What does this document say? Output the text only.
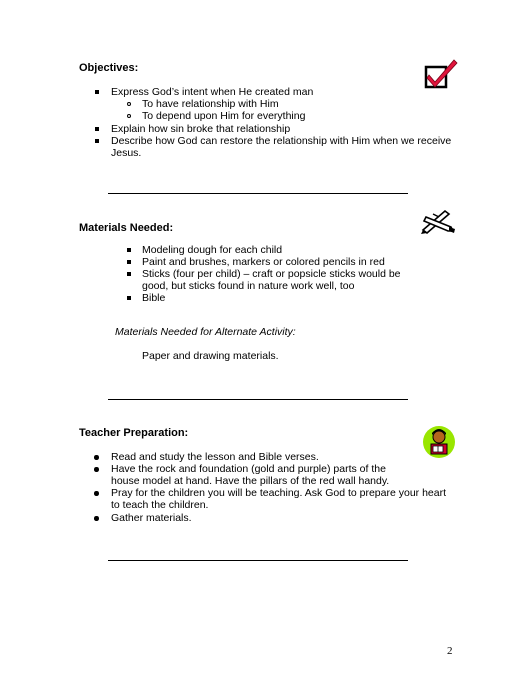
Objectives:
Express God’s intent when He created man
To have relationship with Him
To depend upon Him for everything
Explain how sin broke that relationship
Describe how God can restore the relationship with Him when we receive
Jesus.
Materials Needed:
Modeling dough for each child
Paint and brushes, markers or colored pencils in red
Sticks (four per child) – craft or popsicle sticks would be
good, but sticks found in nature work well, too
Bible
Materials Needed for Alternate Activity:
Paper and drawing materials.
Teacher Preparation:
Read and study the lesson and Bible verses.
Have the rock and foundation (gold and purple) parts of the
house model at hand. Have the pillars of the red wall handy.
Pray for the children you will be teaching. Ask God to prepare your heart
to teach the children.
Gather materials.
2
